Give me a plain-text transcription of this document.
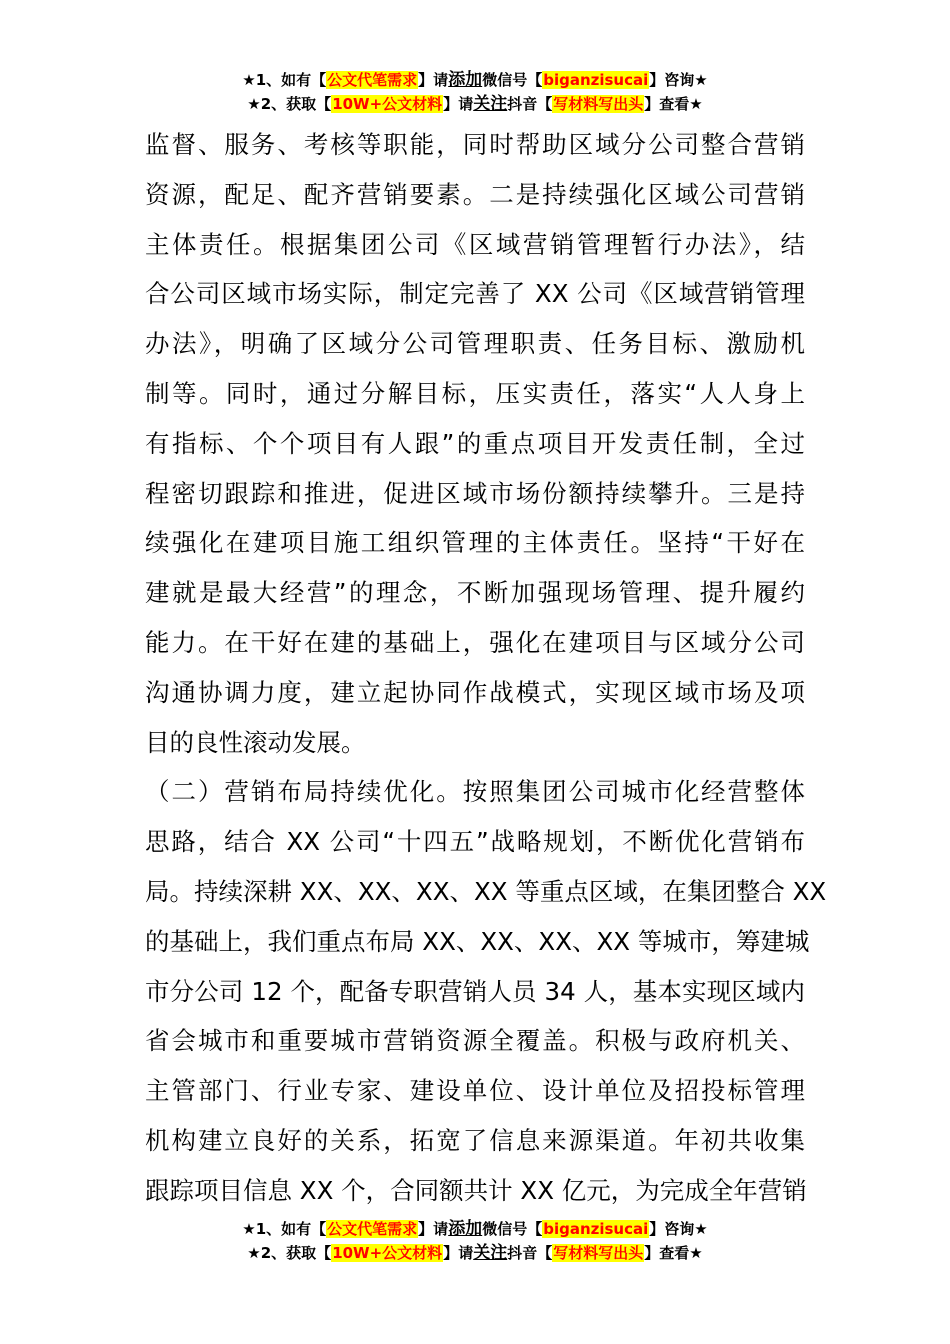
★1、如有【公文代笔需求】请添加微信号【biganzisucai】咨询★
★2、获取【10W+公文材料】请关注抖音【写材料写出头】查看★
监督、服务、考核等职能，同时帮助区域分公司整合营销
资源，配足、配齐营销要素。二是持续强化区域公司营销
主体责任。根据集团公司《区域营销管理暂行办法》，结
合公司区域市场实际，制定完善了 XX 公司《区域营销管理
办法》，明确了区域分公司管理职责、任务目标、激励机
制等。同时，通过分解目标，压实责任，落实“人人身上
有指标、个个项目有人跟”的重点项目开发责任制，全过
程密切跟踪和推进，促进区域市场份额持续攀升。三是持
续强化在建项目施工组织管理的主体责任。坚持“干好在
建就是最大经营”的理念，不断加强现场管理、提升履约
能力。在干好在建的基础上，强化在建项目与区域分公司
沟通协调力度，建立起协同作战模式，实现区域市场及项
目的良性滚动发展。
（二）营销布局持续优化。按照集团公司城市化经营整体
思路，结合 XX 公司“十四五”战略规划，不断优化营销布
局。持续深耕 XX、XX、XX、XX 等重点区域，在集团整合 XX
的基础上，我们重点布局 XX、XX、XX、XX 等城市，筹建城
市分公司 12 个，配备专职营销人员 34 人，基本实现区域内
省会城市和重要城市营销资源全覆盖。积极与政府机关、
主管部门、行业专家、建设单位、设计单位及招投标管理
机构建立良好的关系，拓宽了信息来源渠道。年初共收集
跟踪项目信息 XX 个，合同额共计 XX 亿元，为完成全年营销
★1、如有【公文代笔需求】请添加微信号【biganzisucai】咨询★
★2、获取【10W+公文材料】请关注抖音【写材料写出头】查看★
